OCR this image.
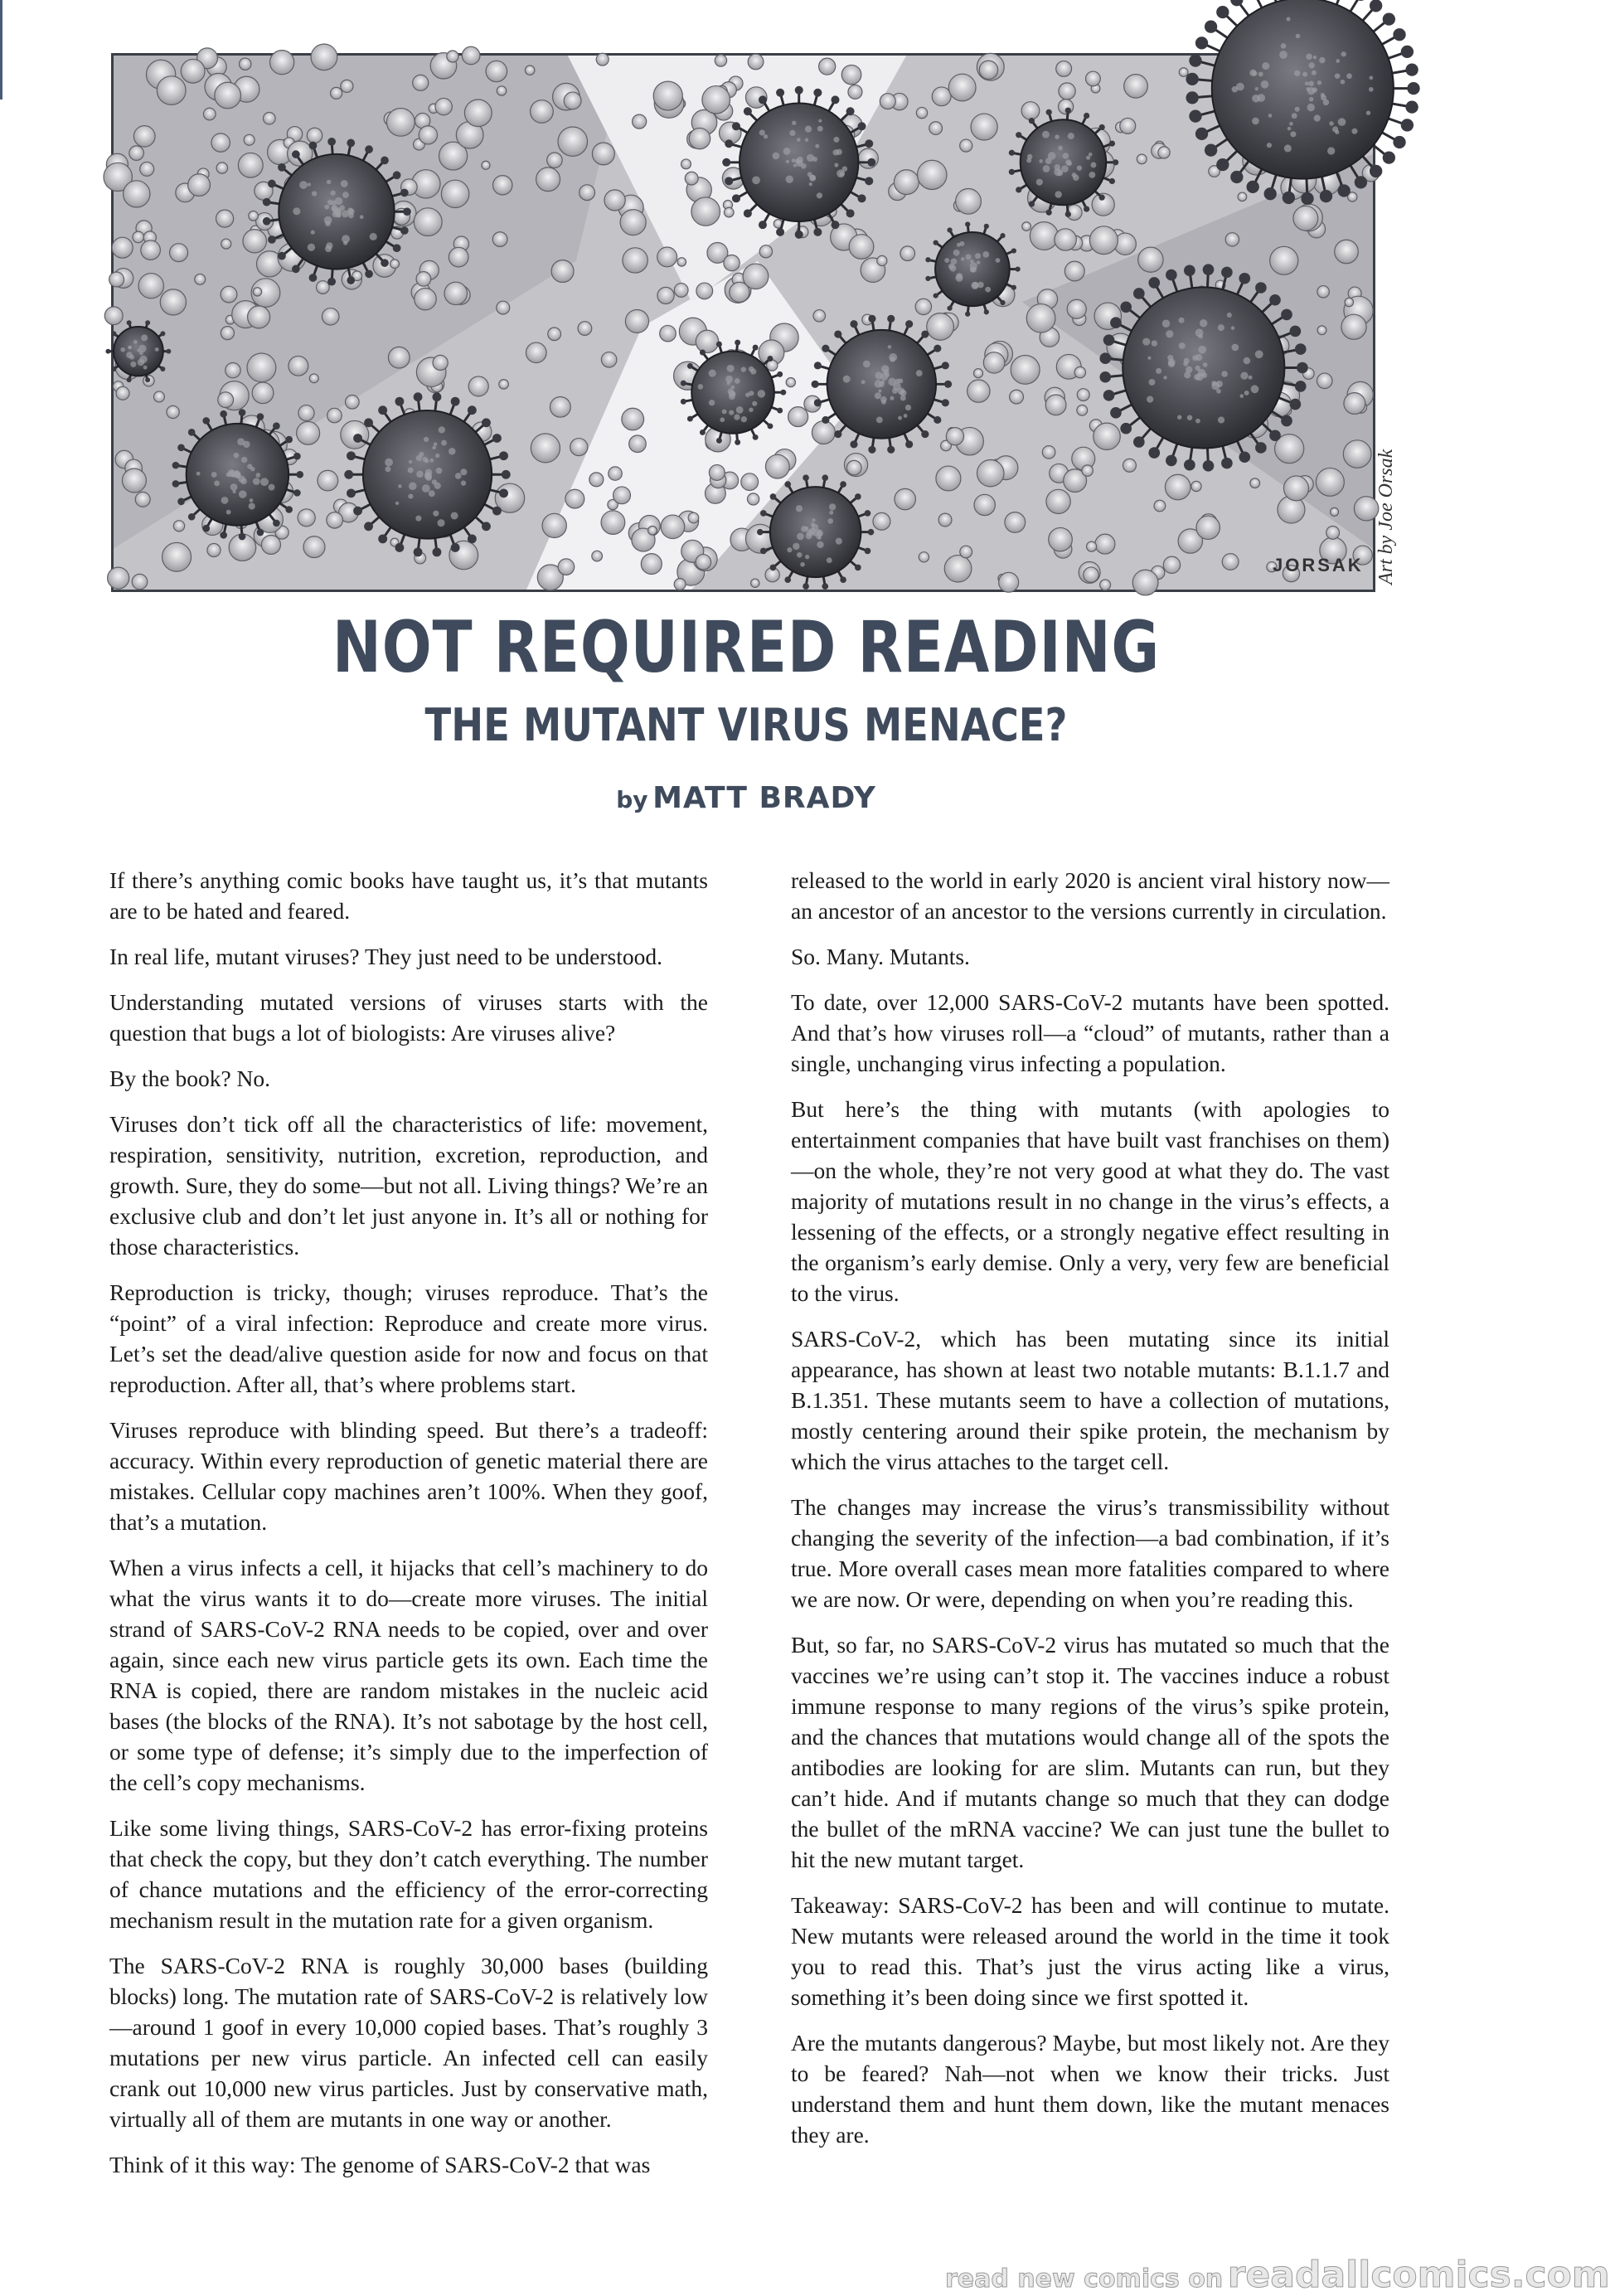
JORSAK Art by Joe Orsak
NOT REQUIRED READING
THE MUTANT VIRUS MENACE?
by MATT BRADY

If there’s anything comic books have taught us, it’s that mutants are to be hated and feared.

In real life, mutant viruses? They just need to be understood.

Understanding mutated versions of viruses starts with the question that bugs a lot of biologists: Are viruses alive?

By the book? No.

Viruses don’t tick off all the characteristics of life: movement, respiration, sensitivity, nutrition, excretion, reproduction, and growth. Sure, they do some—but not all. Living things? We’re an exclusive club and don’t let just anyone in. It’s all or nothing for those characteristics.

Reproduction is tricky, though; viruses reproduce. That’s the “point” of a viral infection: Reproduce and create more virus. Let’s set the dead/alive question aside for now and focus on that reproduction. After all, that’s where problems start.

Viruses reproduce with blinding speed. But there’s a tradeoff: accuracy. Within every reproduction of genetic material there are mistakes. Cellular copy machines aren’t 100%. When they goof, that’s a mutation.

When a virus infects a cell, it hijacks that cell’s machinery to do what the virus wants it to do—create more viruses. The initial strand of SARS-CoV-2 RNA needs to be copied, over and over again, since each new virus particle gets its own. Each time the RNA is copied, there are random mistakes in the nucleic acid bases (the blocks of the RNA). It’s not sabotage by the host cell, or some type of defense; it’s simply due to the imperfection of the cell’s copy mechanisms.

Like some living things, SARS-CoV-2 has error-fixing proteins that check the copy, but they don’t catch everything. The number of chance mutations and the efficiency of the error-correcting mechanism result in the mutation rate for a given organism.

The SARS-CoV-2 RNA is roughly 30,000 bases (building blocks) long. The mutation rate of SARS-CoV-2 is relatively low—around 1 goof in every 10,000 copied bases. That’s roughly 3 mutations per new virus particle. An infected cell can easily crank out 10,000 new virus particles. Just by conservative math, virtually all of them are mutants in one way or another.

Think of it this way: The genome of SARS-CoV-2 that was

released to the world in early 2020 is ancient viral history now—an ancestor of an ancestor to the versions currently in circulation.

So. Many. Mutants.

To date, over 12,000 SARS-CoV-2 mutants have been spotted. And that’s how viruses roll—a “cloud” of mutants, rather than a single, unchanging virus infecting a population.

But here’s the thing with mutants (with apologies to entertainment companies that have built vast franchises on them)—on the whole, they’re not very good at what they do. The vast majority of mutations result in no change in the virus’s effects, a lessening of the effects, or a strongly negative effect resulting in the organism’s early demise. Only a very, very few are beneficial to the virus.

SARS-CoV-2, which has been mutating since its initial appearance, has shown at least two notable mutants: B.1.1.7 and B.1.351. These mutants seem to have a collection of mutations, mostly centering around their spike protein, the mechanism by which the virus attaches to the target cell.

The changes may increase the virus’s transmissibility without changing the severity of the infection—a bad combination, if it’s true. More overall cases mean more fatalities compared to where we are now. Or were, depending on when you’re reading this.

But, so far, no SARS-CoV-2 virus has mutated so much that the vaccines we’re using can’t stop it. The vaccines induce a robust immune response to many regions of the virus’s spike protein, and the chances that mutations would change all of the spots the antibodies are looking for are slim. Mutants can run, but they can’t hide. And if mutants change so much that they can dodge the bullet of the mRNA vaccine? We can just tune the bullet to hit the new mutant target.

Takeaway: SARS-CoV-2 has been and will continue to mutate. New mutants were released around the world in the time it took you to read this. That’s just the virus acting like a virus, something it’s been doing since we first spotted it.

Are the mutants dangerous? Maybe, but most likely not. Are they to be feared? Nah—not when we know their tricks. Just understand them and hunt them down, like the mutant menaces they are.

read new comics on readallcomics.com
